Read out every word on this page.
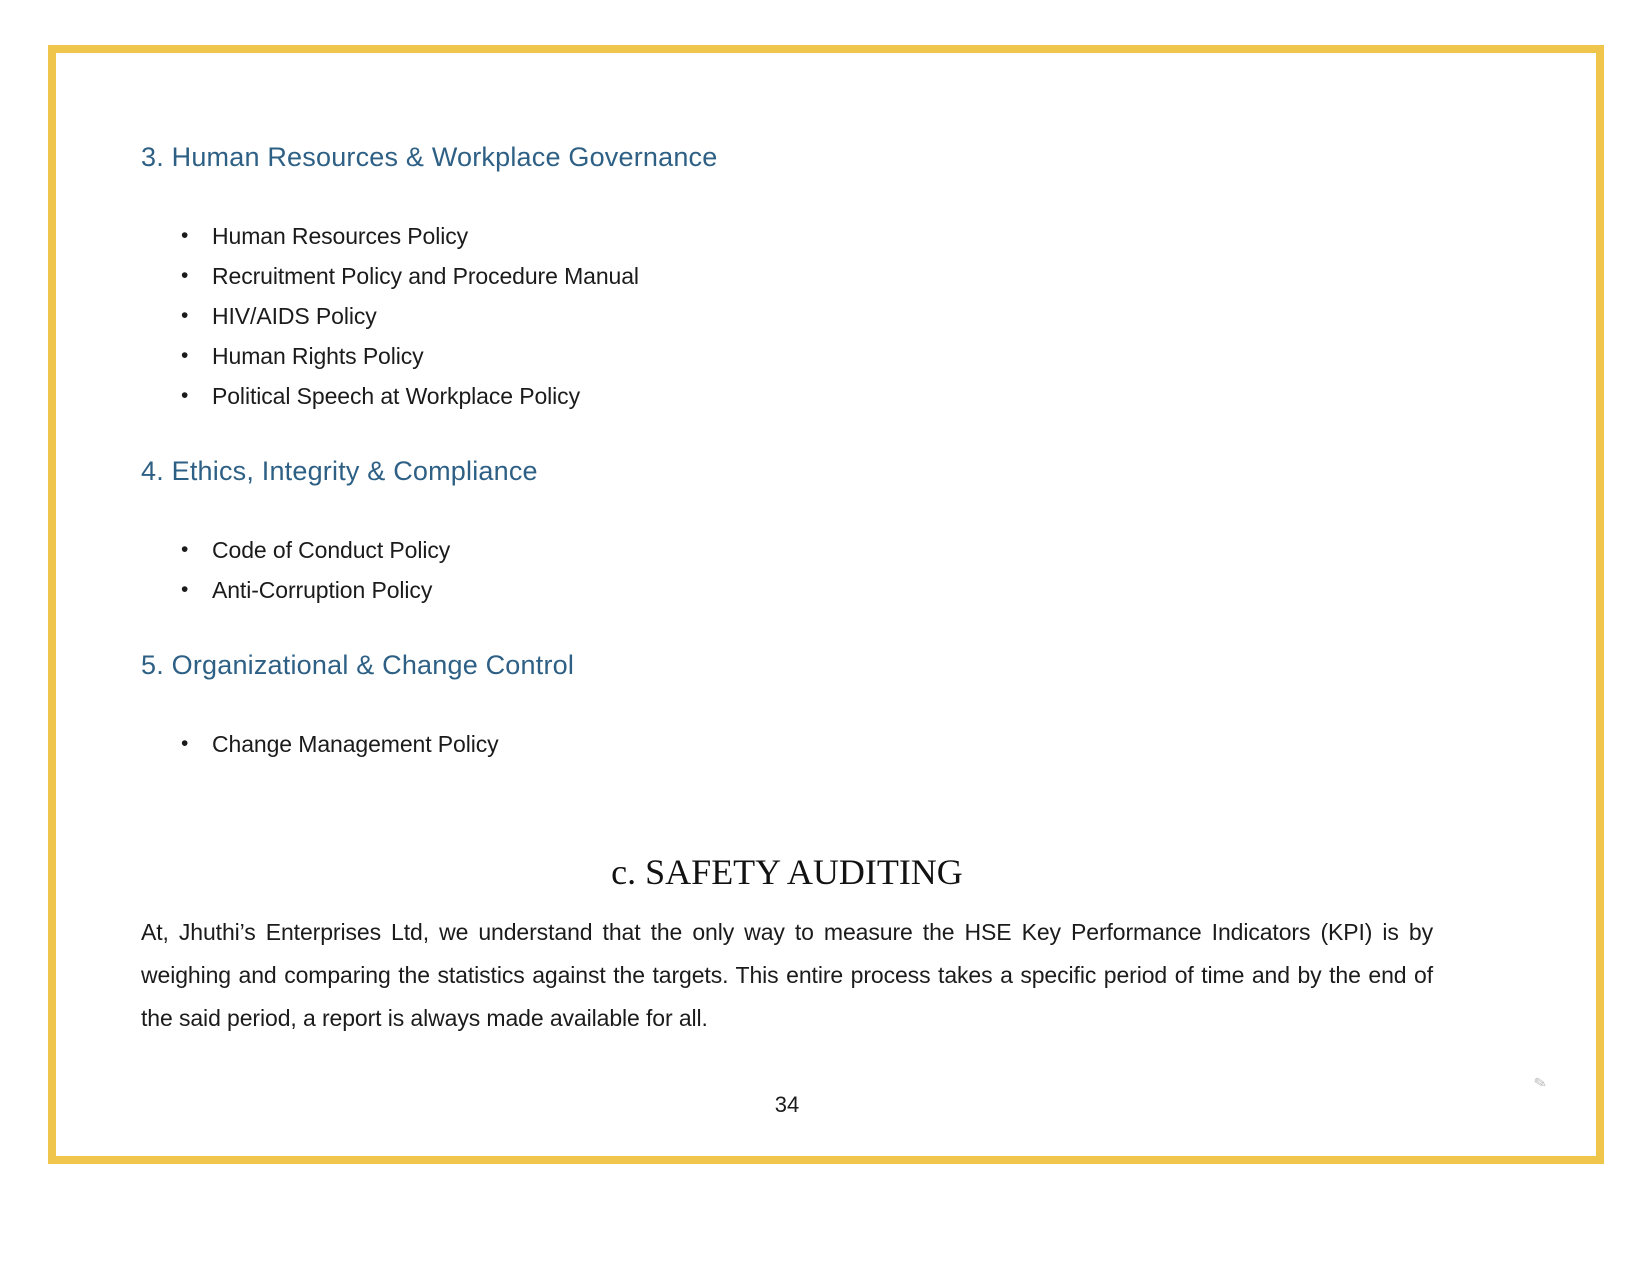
3. Human Resources & Workplace Governance
• Human Resources Policy
• Recruitment Policy and Procedure Manual
• HIV/AIDS Policy
• Human Rights Policy
• Political Speech at Workplace Policy
4. Ethics, Integrity & Compliance
• Code of Conduct Policy
• Anti-Corruption Policy
5. Organizational & Change Control
• Change Management Policy
c. SAFETY AUDITING

At, Jhuthi’s Enterprises Ltd, we understand that the only way to measure the HSE Key Performance Indicators (KPI) is by weighing and comparing the statistics against the targets. This entire process takes a specific period of time and by the end of the said period, a report is always made available for all.

✎
34
